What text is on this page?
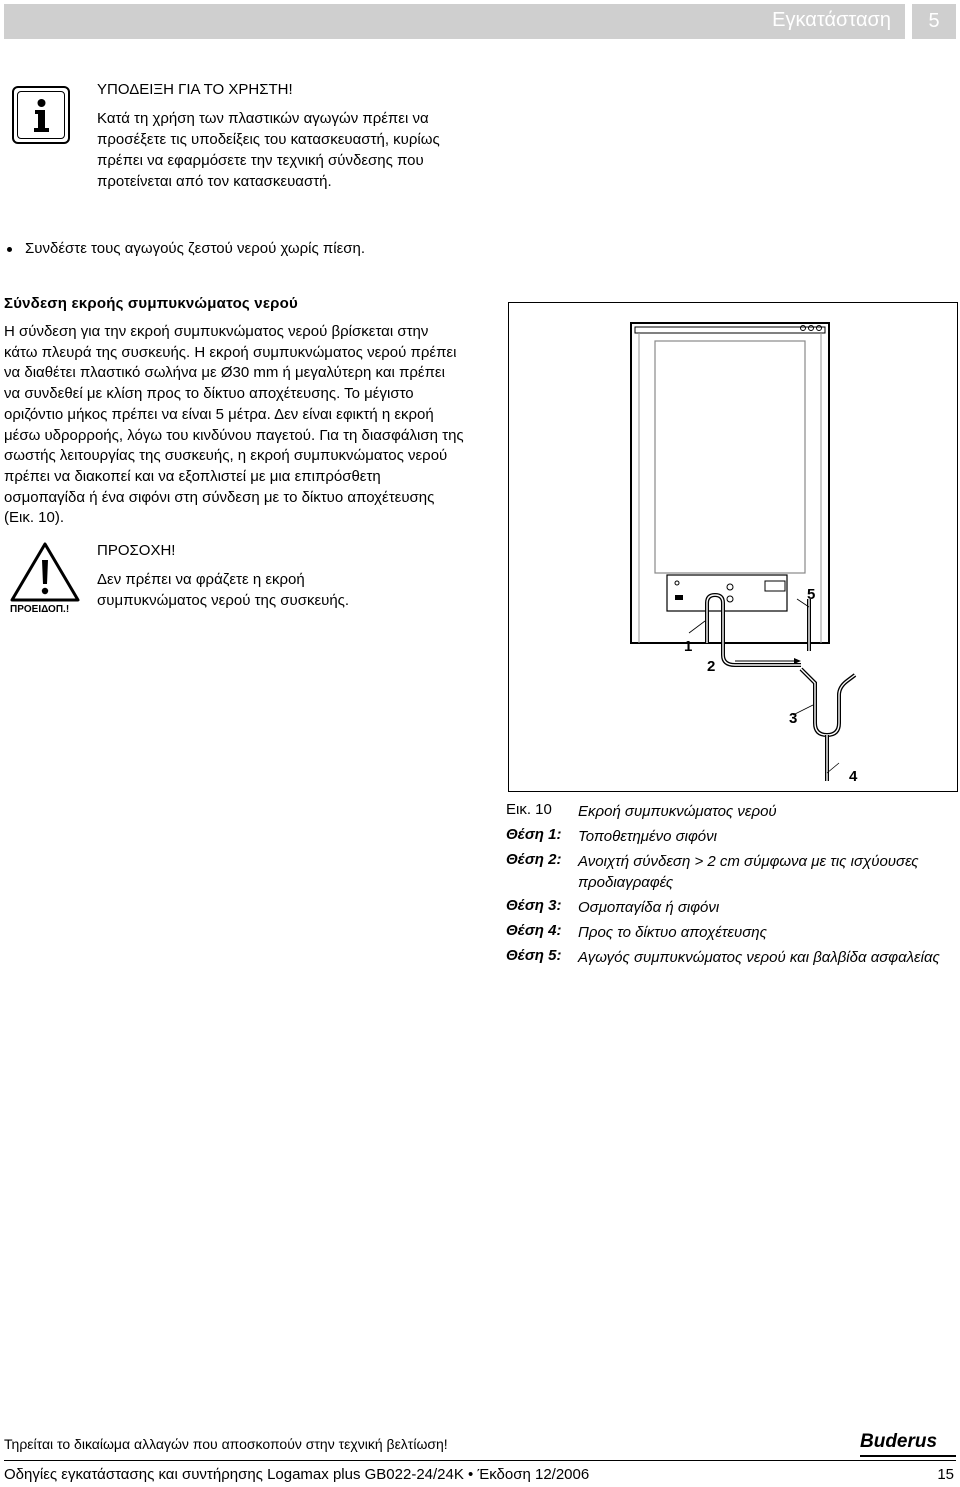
Εγκατάσταση	5
ΥΠΟΔΕΙΞΗ ΓΙΑ ΤΟ ΧΡΗΣΤΗ!
Κατά τη χρήση των πλαστικών αγωγών πρέπει να προσέξετε τις υποδείξεις του κατασκευαστή, κυρίως πρέπει να εφαρμόσετε την τεχνική σύνδεσης που προτείνεται από τον κατασκευαστή.
Συνδέστε τους αγωγούς ζεστού νερού χωρίς πίεση.
Σύνδεση εκροής συμπυκνώματος νερού
Η σύνδεση για την εκροή συμπυκνώματος νερού βρίσκεται στην κάτω πλευρά της συσκευής. Η εκροή συμπυκνώματος νερού πρέπει να διαθέτει πλαστικό σωλήνα με Ø30 mm ή μεγαλύτερη και πρέπει να συνδεθεί με κλίση προς το δίκτυο αποχέτευσης. Το μέγιστο οριζόντιο μήκος πρέπει να είναι 5 μέτρα. Δεν είναι εφικτή η εκροή μέσω υδρορροής, λόγω του κινδύνου παγετού. Για τη διασφάλιση της σωστής λειτουργίας της συσκευής, η εκροή συμπυκνώματος νερού πρέπει να διακοπεί και να εξοπλιστεί με μια επιπρόσθετη οσμοπαγίδα ή ένα σιφόνι στη σύνδεση με το δίκτυο αποχέτευσης (Εικ. 10).
ΠΡΟΕΙΔΟΠ.!
ΠΡΟΣΟΧΗ!
Δεν πρέπει να φράζετε η εκροή συμπυκνώματος νερού της συσκευής.
1
2
3
4
5
Εικ. 10 Εκροή συμπυκνώματος νερού
Θέση 1: Τοποθετημένο σιφόνι
Θέση 2: Ανοιχτή σύνδεση > 2 cm σύμφωνα με τις ισχύουσες προδιαγραφές
Θέση 3: Οσμοπαγίδα ή σιφόνι
Θέση 4: Προς το δίκτυο αποχέτευσης
Θέση 5: Αγωγός συμπυκνώματος νερού και βαλβίδα ασφαλείας
Τηρείται το δικαίωμα αλλαγών που αποσκοπούν στην τεχνική βελτίωση!	Buderus
Οδηγίες εγκατάστασης και συντήρησης Logamax plus GB022-24/24K • Έκδοση 12/2006	15
